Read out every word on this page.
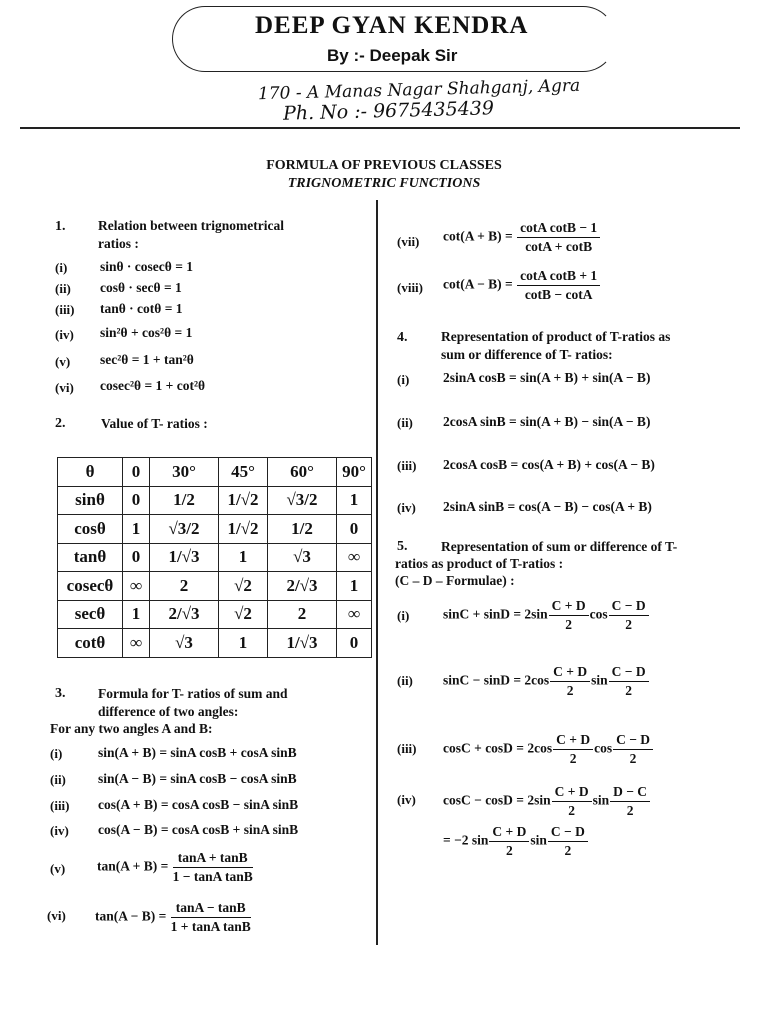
DEEP GYAN KENDRA
By :- Deepak Sir
170 - A Manas Nagar Shahganj, Agra
Ph. No :- 9675435439
FORMULA OF PREVIOUS CLASSES
TRIGNOMETRIC FUNCTIONS
1. Relation between trignometrical
ratios :
(i) sinθ · cosecθ = 1
(ii) cosθ · secθ = 1
(iii) tanθ · cotθ = 1
(iv) sin²θ + cos²θ = 1
(v) sec²θ = 1 + tan²θ
(vi) cosec²θ = 1 + cot²θ
2.	Value of T- ratios :
θ	0	30°	45°	60°	90°
sinθ	0	1/2	1/√2	√3/2	1
cosθ	1	√3/2	1/√2	1/2	0
tanθ	0	1/√3	1	√3	∞
cosecθ	∞	2	√2	2/√3	1
secθ	1	2/√3	√2	2	∞
cotθ	∞	√3	1	1/√3	0
3. Formula for T- ratios of sum and
difference of two angles:
For any two angles A and B:
(i)	sin(A + B) = sinA cosB + cosA sinB
(ii) sin(A − B) = sinA cosB − cosA sinB
(iii) cos(A + B) = cosA cosB − sinA sinB
(iv) cos(A − B) = cosA cosB + sinA sinB
(v) $\tan(A + B) = \frac{\tan A + \tan B}{\text{1 − tanA tanB}}$
(vi) $\tan(A - B) = \frac{\tan A - \tan B}{\text{1 + tanA tanB}}$
(vii) $\cot(A + B) = \frac{\text{cotA cotB − 1}}{\cot A + \cot B}$
(viii) $\cot(A - B) = \frac{\text{cotA cotB + 1}}{\cot B - \cot A}$
4. Representation of product of T-ratios as
sum or difference of T- ratios:
(i) 2sinA cosB = sin(A + B) + sin(A − B)
(ii) 2cosA sinB = sin(A + B) − sin(A − B)
(iii) 2cosA cosB = cos(A + B) + cos(A − B)
(iv) 2sinA sinB = cos(A − B) − cos(A + B)
5. Representation of sum or difference of T-
ratios as product of T-ratios :
(C – D – Formulae) :
(i) $\sin C + \sin D = 2\sin \frac{C + D}{2}$ $\cos \frac{C - D}{2}$
(ii) $\sin C - \sin D = 2\cos \frac{C + D}{2}$ $\sin \frac{C - D}{2}$
(iii) $\cos C + \cos D = 2\cos \frac{C + D}{2}$ $\cos \frac{C - D}{2}$
(iv) $\cos C - \cos D = 2\sin \frac{C + D}{2}$ $\sin \frac{D - C}{2}$
= −2 $\sin \frac{C + D}{2}$ $\sin \frac{C - D}{2}$
